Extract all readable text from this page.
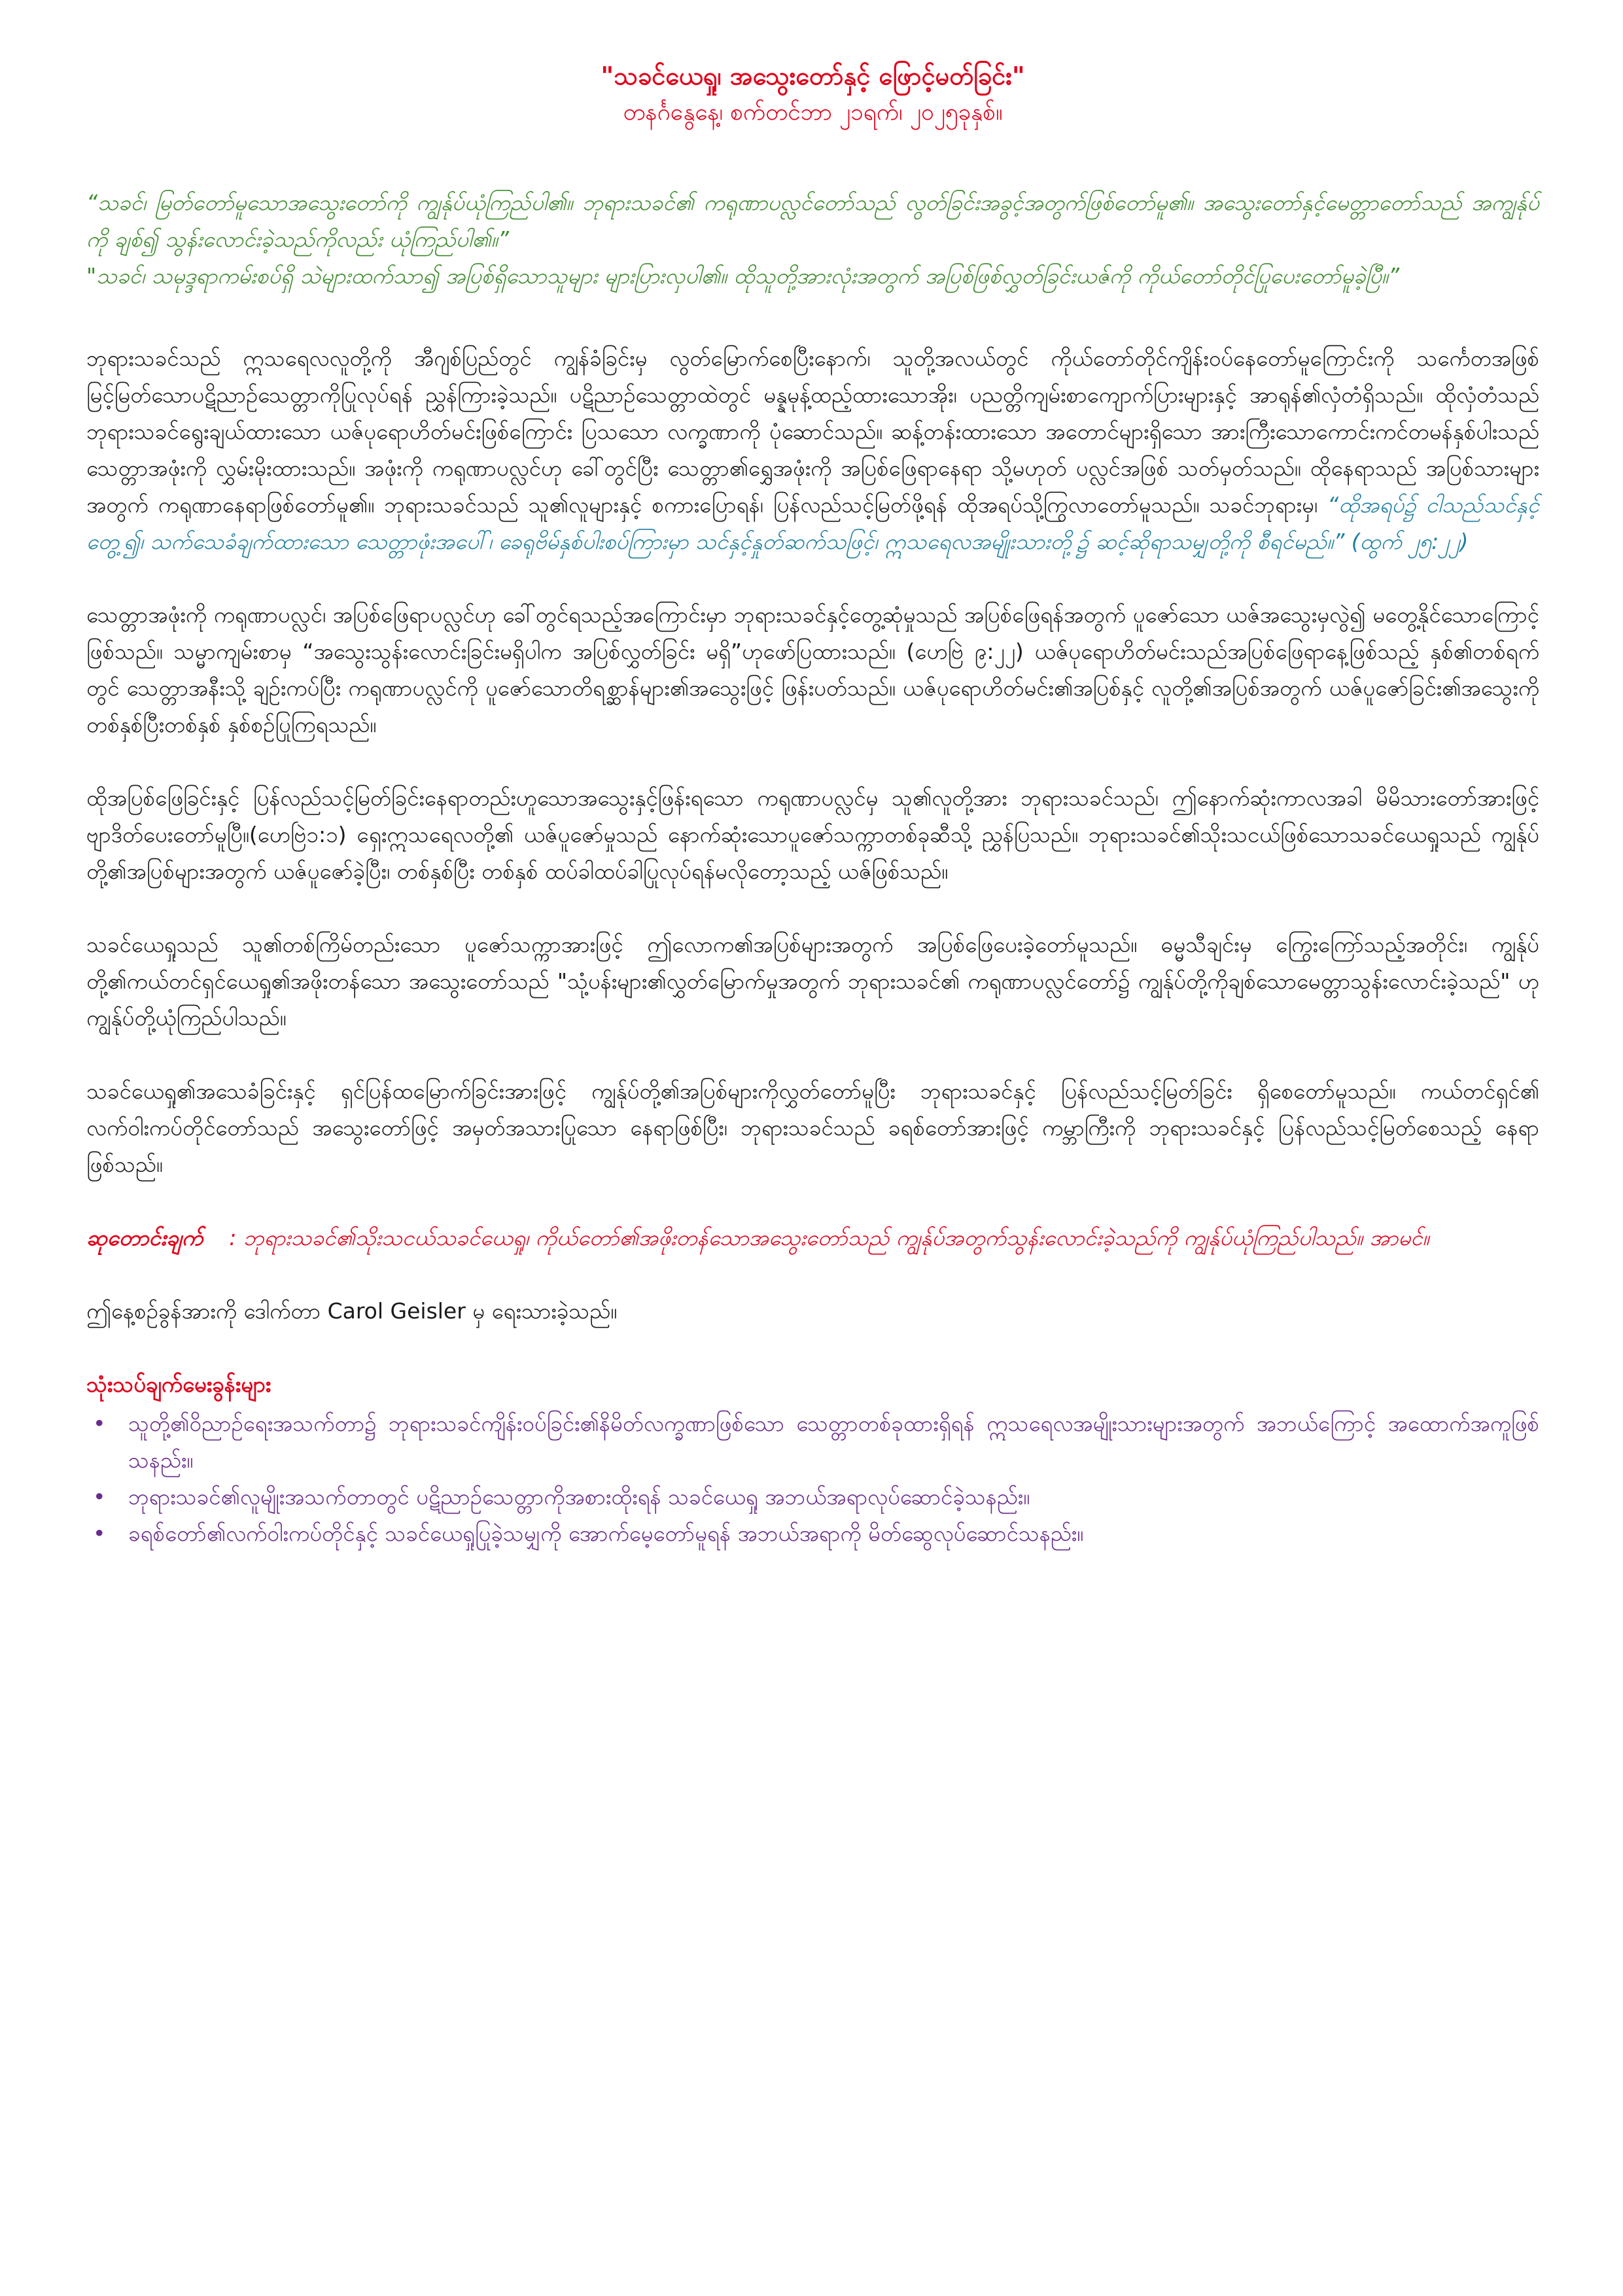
"သခင်ယေရှု၊ အသွေးတော်နှင့် ဖြောင့်မတ်ခြင်း"

တနင်္ဂနွေနေ့၊ စက်တင်ဘာ ၂၁ရက်၊ ၂၀၂၅ခုနှစ်။

“သခင်၊ မြတ်တော်မူသောအသွေးတော်ကို ကျွန်ုပ်ယုံကြည်ပါ၏။ ဘုရားသခင်၏ ကရုဏာပလ္လင်တော်သည် လွတ်ခြင်းအခွင့်အတွက်ဖြစ်တော်မူ၏။ အသွေးတော်နှင့်မေတ္တာတော်သည် အကျွန်ုပ်ကို ချစ်၍ သွန်းလောင်းခဲ့သည်ကိုလည်း ယုံကြည်ပါ၏။”

"သခင်၊ သမုဒ္ဒရာကမ်းစပ်ရှိ သဲများထက်သာ၍ အပြစ်ရှိသောသူများ များပြားလှပါ၏။ ထိုသူတို့အားလုံးအတွက် အပြစ်ဖြစ်လွှတ်ခြင်းယဇ်ကို ကိုယ်တော်တိုင်ပြုပေးတော်မူခဲ့ပြီ။”

ဘုရားသခင်သည် ဣသရေလလူတို့ကို အီဂျစ်ပြည်တွင် ကျွန်ခံခြင်းမှ လွတ်မြောက်စေပြီးနောက်၊ သူတို့အလယ်တွင် ကိုယ်တော်တိုင်ကျိန်းဝပ်နေတော်မူကြောင်းကို သင်္ကေတအဖြစ် မြင့်မြတ်သောပဋိညာဉ်သေတ္တာကိုပြုလုပ်ရန် ညွှန်ကြားခဲ့သည်။ ပဋိညာဉ်သေတ္တာထဲတွင် မန္နမုန့်ထည့်ထားသောအိုး၊ ပညတ္တိကျမ်းစာကျောက်ပြားများနှင့် အာရုန်၏လှံတံရှိသည်။ ထိုလှံတံသည် ဘုရားသခင်ရွေးချယ်ထားသော ယဇ်ပုရောဟိတ်မင်းဖြစ်ကြောင်း ပြသသော လက္ခဏာကို ပုံဆောင်သည်။ ဆန့်တန်းထားသော အတောင်များရှိသော အားကြီးသောကောင်းကင်တမန်နှစ်ပါးသည် သေတ္တာအဖုံးကို လွှမ်းမိုးထားသည်။ အဖုံးကို ကရုဏာပလ္လင်ဟု ခေါ်တွင်ပြီး သေတ္တာ၏ရွှေအဖုံးကို အပြစ်ဖြေရာနေရာ သို့မဟုတ် ပလ္လင်အဖြစ် သတ်မှတ်သည်။ ထိုနေရာသည် အပြစ်သားများအတွက် ကရုဏာနေရာဖြစ်တော်မူ၏။ ဘုရားသခင်သည် သူ၏လူများနှင့် စကားပြောရန်၊ ပြန်လည်သင့်မြတ်ဖို့ရန် ထိုအရပ်သို့ကြွလာတော်မူသည်။ သခင်ဘုရားမှ၊ “ထိုအရပ်၌ ငါသည်သင်နှင့်တွေ့၍၊ သက်သေခံချက်ထားသော သေတ္တာဖုံးအပေါ်၊ ခေရုဗိမ်နှစ်ပါးစပ်ကြားမှာ သင်နှင့်နှုတ်ဆက်သဖြင့်၊ ဣသရေလအမျိုးသားတို့၌ ဆင့်ဆိုရာသမျှတို့ကို စီရင်မည်။” (ထွက် ၂၅:၂၂)

သေတ္တာအဖုံးကို ကရုဏာပလ္လင်၊ အပြစ်ဖြေရာပလ္လင်ဟု ခေါ်တွင်ရသည့်အကြောင်းမှာ ဘုရားသခင်နှင့်တွေ့ဆုံမှုသည် အပြစ်ဖြေရန်အတွက် ပူဇော်သော ယဇ်အသွေးမှလွဲ၍ မတွေ့နိုင်သောကြောင့်ဖြစ်သည်။ သမ္မာကျမ်းစာမှ “အသွေးသွန်းလောင်းခြင်းမရှိပါက အပြစ်လွှတ်ခြင်း မရှိ”ဟုဖော်ပြထားသည်။ (ဟေဗြဲ ၉:၂၂) ယဇ်ပုရောဟိတ်မင်းသည်အပြစ်ဖြေရာနေ့ဖြစ်သည့် နှစ်၏တစ်ရက်တွင် သေတ္တာအနီးသို့ ချဉ်းကပ်ပြီး ကရုဏာပလ္လင်ကို ပူဇော်သောတိရစ္ဆာန်များ၏အသွေးဖြင့် ဖြန်းပတ်သည်။ ယဇ်ပုရောဟိတ်မင်း၏အပြစ်နှင့် လူတို့၏အပြစ်အတွက် ယဇ်ပူဇော်ခြင်း၏အသွေးကို တစ်နှစ်ပြီးတစ်နှစ် နှစ်စဉ်ပြုကြရသည်။

ထိုအပြစ်ဖြေခြင်းနှင့် ပြန်လည်သင့်မြတ်ခြင်းနေရာတည်းဟူသောအသွေးနှင့်ဖြန်းရသော ကရုဏာပလ္လင်မှ သူ၏လူတို့အား ဘုရားသခင်သည်၊ ဤနောက်ဆုံးကာလအခါ မိမိသားတော်အားဖြင့်ဗျာဒိတ်ပေးတော်မူပြီ။(ဟေဗြဲ၁:၁) ရှေးဣသရေလတို့၏ ယဇ်ပူဇော်မှုသည် နောက်ဆုံးသောပူဇော်သက္ကာတစ်ခုဆီသို့ ညွှန်ပြသည်။ ဘုရားသခင်၏သိုးသငယ်ဖြစ်သောသခင်ယေရှုသည် ကျွန်ုပ်တို့၏အပြစ်များအတွက် ယဇ်ပူဇော်ခဲ့ပြီး၊ တစ်နှစ်ပြီး တစ်နှစ် ထပ်ခါထပ်ခါပြုလုပ်ရန်မလိုတော့သည့် ယဇ်ဖြစ်သည်။

သခင်ယေရှုသည် သူ၏တစ်ကြိမ်တည်းသော ပူဇော်သက္ကာအားဖြင့် ဤလောက၏အပြစ်များအတွက် အပြစ်ဖြေပေးခဲ့တော်မူသည်။ ဓမ္မသီချင်းမှ ကြွေးကြော်သည့်အတိုင်း၊ ကျွန်ုပ်တို့၏ကယ်တင်ရှင်ယေရှု၏အဖိုးတန်သော အသွေးတော်သည် "သုံ့ပန်းများ၏လွှတ်မြောက်မှုအတွက် ဘုရားသခင်၏ ကရုဏာပလ္လင်တော်၌ ကျွန်ုပ်တို့ကိုချစ်သောမေတ္တာသွန်းလောင်းခဲ့သည်" ဟုကျွန်ုပ်တို့ယုံကြည်ပါသည်။

သခင်ယေရှု၏အသေခံခြင်းနှင့် ရှင်ပြန်ထမြောက်ခြင်းအားဖြင့် ကျွန်ုပ်တို့၏အပြစ်များကိုလွှတ်တော်မူပြီး ဘုရားသခင်နှင့် ပြန်လည်သင့်မြတ်ခြင်း ရှိစေတော်မူသည်။ ကယ်တင်ရှင်၏ လက်ဝါးကပ်တိုင်တော်သည် အသွေးတော်ဖြင့် အမှတ်အသားပြုသော နေရာဖြစ်ပြီး၊ ဘုရားသခင်သည် ခရစ်တော်အားဖြင့် ကမ္ဘာကြီးကို ဘုရားသခင်နှင့် ပြန်လည်သင့်မြတ်စေသည့် နေရာဖြစ်သည်။

ဆုတောင်းချက် : ဘုရားသခင်၏သိုးသငယ်သခင်ယေရှု၊ ကိုယ်တော်၏အဖိုးတန်သောအသွေးတော်သည် ကျွန်ုပ်အတွက်သွန်းလောင်းခဲ့သည်ကို ကျွန်ုပ်ယုံကြည်ပါသည်။ အာမင်။

ဤနေ့စဉ်ခွန်အားကို ဒေါက်တာ Carol Geisler မှ ရေးသားခဲ့သည်။

သုံးသပ်ချက်မေးခွန်းများ

• သူတို့၏ဝိညာဉ်ရေးအသက်တာ၌ ဘုရားသခင်ကျိန်းဝပ်ခြင်း၏နိမိတ်လက္ခဏာဖြစ်သော သေတ္တာတစ်ခုထားရှိရန် ဣသရေလအမျိုးသားများအတွက် အဘယ်ကြောင့် အထောက်အကူဖြစ်သနည်း။
• ဘုရားသခင်၏လူမျိုးအသက်တာတွင် ပဋိညာဉ်သေတ္တာကိုအစားထိုးရန် သခင်ယေရှု အဘယ်အရာလုပ်ဆောင်ခဲ့သနည်း။
• ခရစ်တော်၏လက်ဝါးကပ်တိုင်နှင့် သခင်ယေရှုပြုခဲ့သမျှကို အောက်မေ့တော်မူရန် အဘယ်အရာကို မိတ်ဆွေလုပ်ဆောင်သနည်း။
